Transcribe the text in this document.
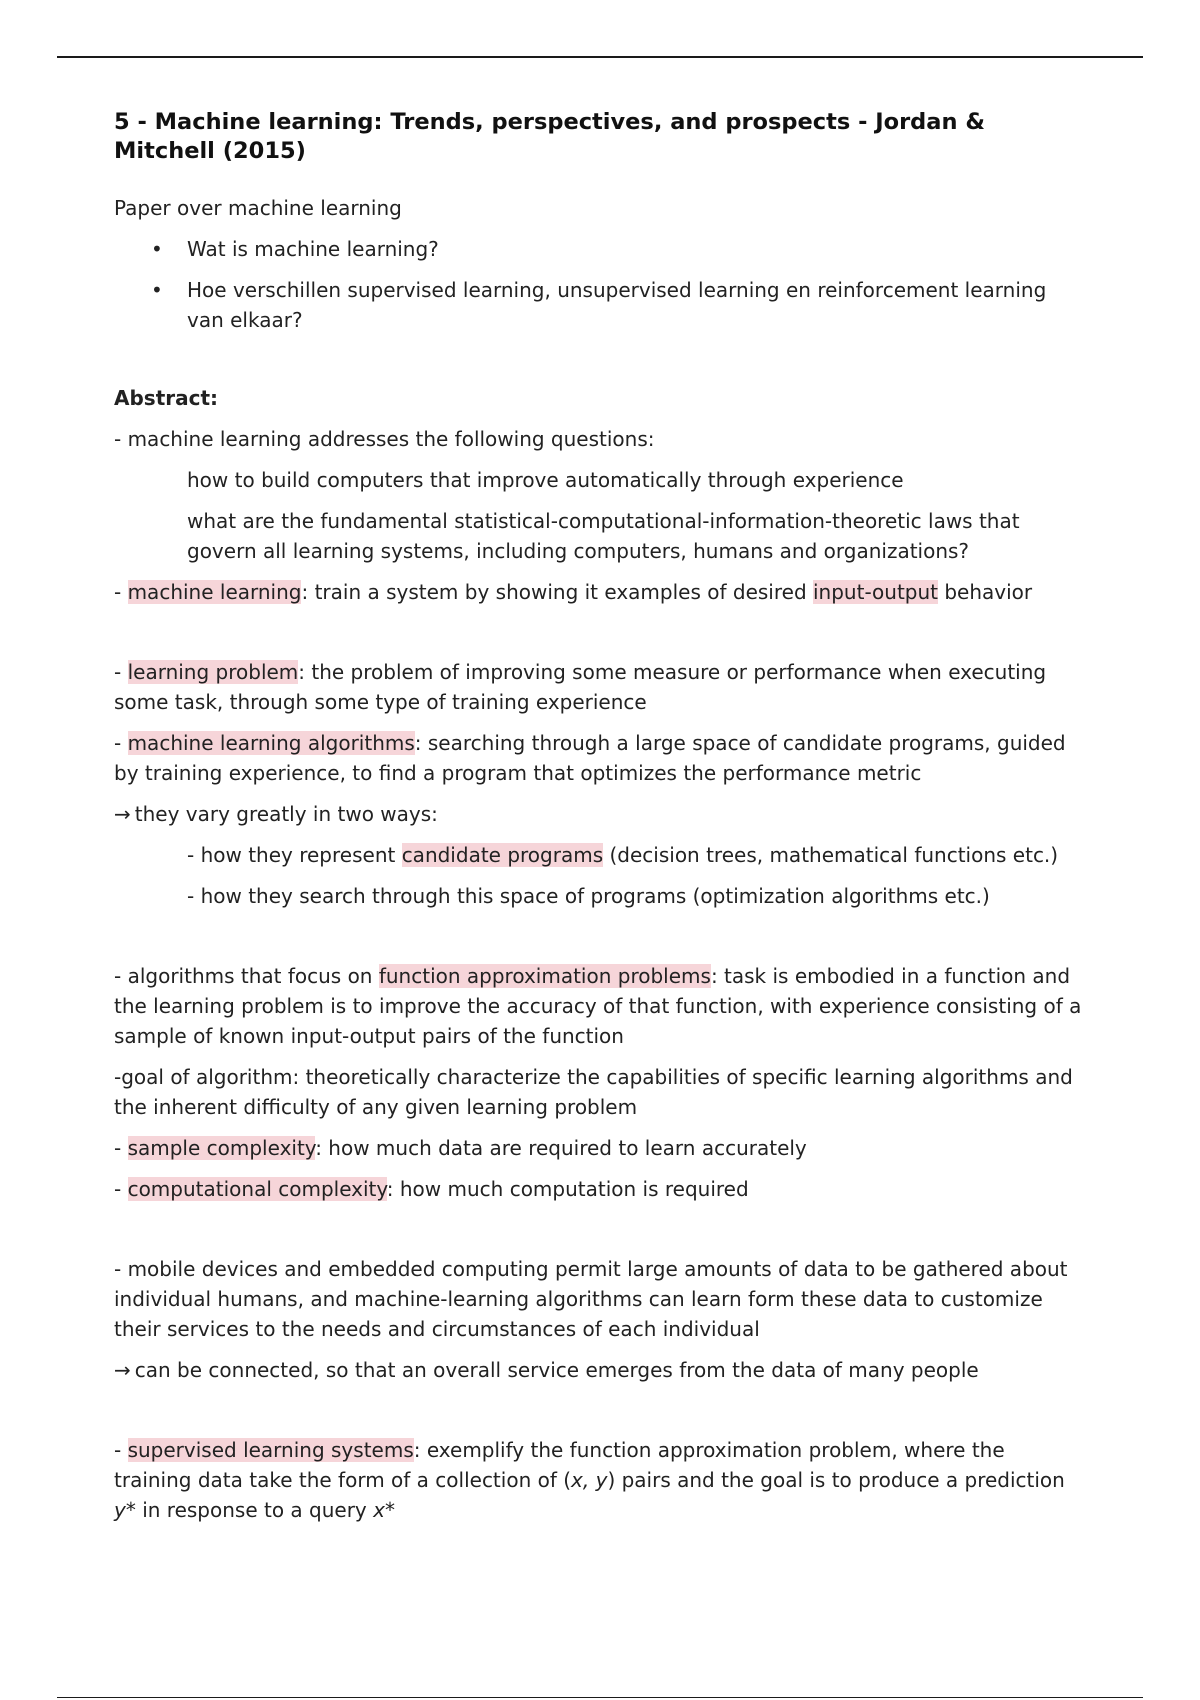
5 - Machine learning: Trends, perspectives, and prospects - Jordan & Mitchell (2015)

Paper over machine learning

• Wat is machine learning?
• Hoe verschillen supervised learning, unsupervised learning en reinforcement learning van elkaar?
Abstract:

- machine learning addresses the following questions:

how to build computers that improve automatically through experience

what are the fundamental statistical-computational-information-theoretic laws that govern all learning systems, including computers, humans and organizations?

- machine learning: train a system by showing it examples of desired input-output behavior

- learning problem: the problem of improving some measure or performance when executing some task, through some type of training experience

- machine learning algorithms: searching through a large space of candidate programs, guided by training experience, to find a program that optimizes the performance metric

→ they vary greatly in two ways:

- how they represent candidate programs (decision trees, mathematical functions etc.)

- how they search through this space of programs (optimization algorithms etc.)

- algorithms that focus on function approximation problems: task is embodied in a function and the learning problem is to improve the accuracy of that function, with experience consisting of a sample of known input-output pairs of the function

-goal of algorithm: theoretically characterize the capabilities of specific learning algorithms and the inherent difficulty of any given learning problem

- sample complexity: how much data are required to learn accurately

- computational complexity: how much computation is required

- mobile devices and embedded computing permit large amounts of data to be gathered about individual humans, and machine-learning algorithms can learn form these data to customize their services to the needs and circumstances of each individual

→ can be connected, so that an overall service emerges from the data of many people

- supervised learning systems: exemplify the function approximation problem, where the training data take the form of a collection of (x, y) pairs and the goal is to produce a prediction y* in response to a query x*
